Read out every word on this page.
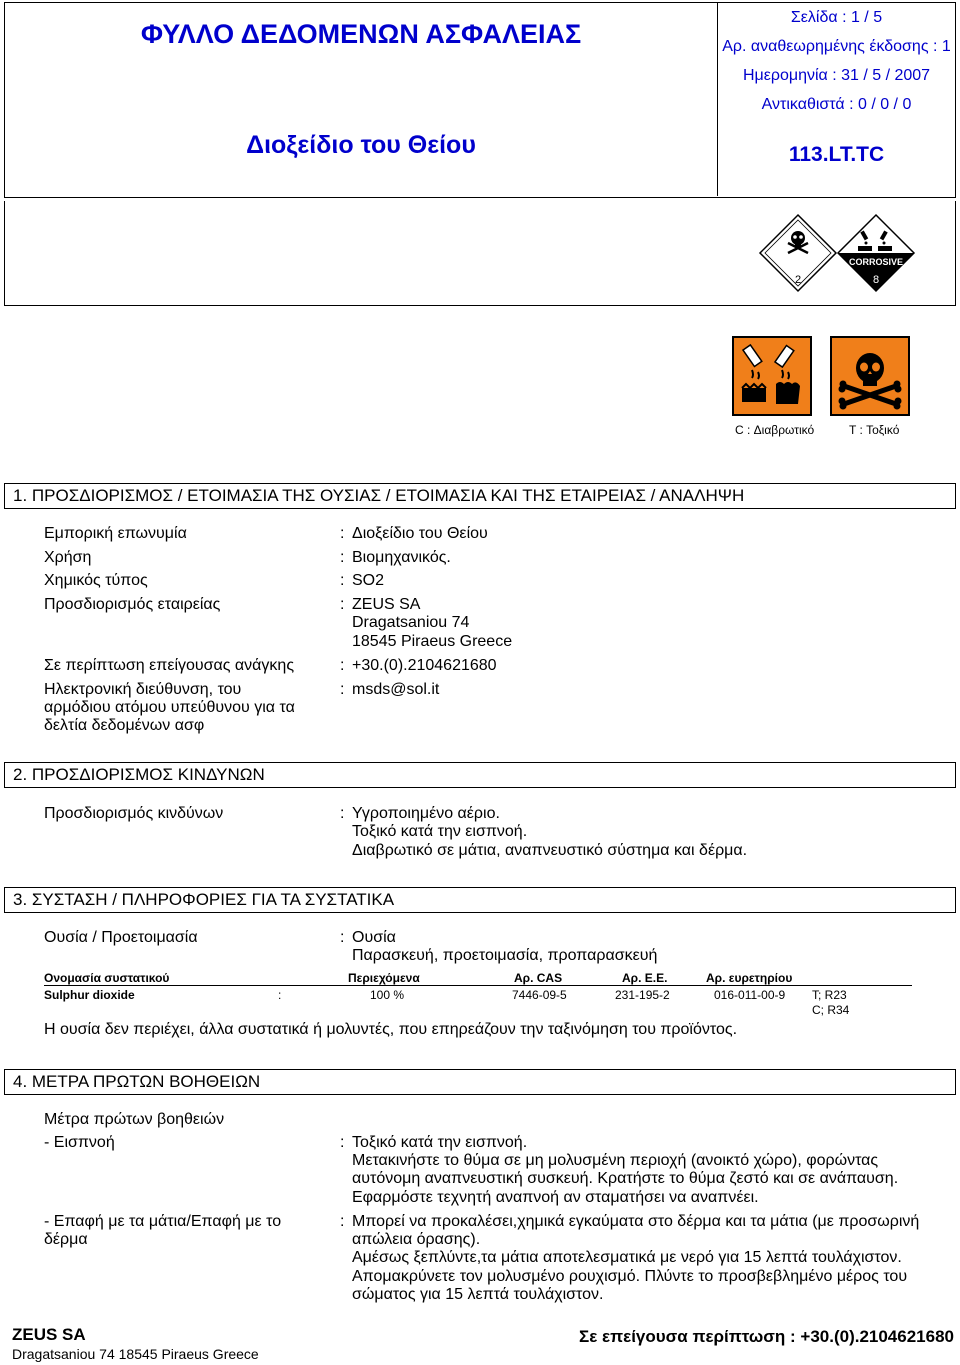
ΦΥΛΛΟ ΔΕΔΟΜΕΝΩΝ ΑΣΦΑΛΕΙΑΣ
Διοξείδιο του Θείου
Σελίδα : 1 / 5
Αρ. αναθεωρημένης έκδοσης : 1
Ημερομηνία : 31 / 5 / 2007
Αντικαθιστά : 0 / 0 / 0
113.LT.TC
2
CORROSIVE
8
C : Διαβρωτικό	T : Τοξικό
1. ΠΡΟΣΔΙΟΡΙΣΜΟΣ / ΕΤΟΙΜΑΣΙΑ ΤΗΣ ΟΥΣΙΑΣ / ΕΤΟΙΜΑΣΙΑ ΚΑΙ ΤΗΣ ΕΤΑΙΡΕΙΑΣ / ΑΝΑΛΗΨΗ
Εμπορική επωνυμία	: Διοξείδιο του Θείου
Χρήση	: Βιομηχανικός.
Χημικός τύπος	: SO2
Προσδιορισμός εταιρείας	: ZEUS SA
Dragatsaniou 74
18545 Piraeus Greece
Σε περίπτωση επείγουσας ανάγκης	: +30.(0).2104621680
Ηλεκτρονική διεύθυνση, του
αρμόδιου ατόμου υπεύθυνου για τα
δελτία δεδομένων ασφ
: msds@sol.it
2. ΠΡΟΣΔΙΟΡΙΣΜΟΣ ΚΙΝΔΥΝΩΝ
Προσδιορισμός κινδύνων	: Υγροποιημένο αέριο.
Τοξικό κατά την εισπνοή.
Διαβρωτικό σε μάτια, αναπνευστικό σύστημα και δέρμα.
3. ΣΥΣΤΑΣΗ / ΠΛΗΡΟΦΟΡΙΕΣ ΓΙΑ ΤΑ ΣΥΣΤΑΤΙΚΑ
Ουσία / Προετοιμασία	: Ουσία
Παρασκευή, προετοιμασία, προπαρασκευή
Ονομασία συστατικού	Περιεχόμενα	Αρ. CAS	Αρ. E.E.	Αρ. ευρετηρίου
Sulphur dioxide	:	100 %	7446-09-5	231-195-2	016-011-00-9 T; R23
C; R34
Η ουσία δεν περιέχει, άλλα συστατικά ή μολυντές, που επηρεάζουν την ταξινόμηση του προϊόντος.
4. ΜΕΤΡΑ ΠΡΩΤΩΝ ΒΟΗΘΕΙΩΝ
Μέτρα πρώτων βοηθειών
- Εισπνοή	: Τοξικό κατά την εισπνοή.
Μετακινήστε το θύμα σε μη μολυσμένη περιοχή (ανοικτό χώρο), φορώντας
αυτόνομη αναπνευστική συσκευή. Κρατήστε το θύμα ζεστό και σε ανάπαυση.
Εφαρμόστε τεχνητή αναπνοή αν σταματήσει να αναπνέει.
- Επαφή με τα μάτια/Επαφή με το
δέρμα
: Μπορεί να προκαλέσει,χημικά εγκαύματα στο δέρμα και τα μάτια (με προσωρινή
απώλεια όρασης).
Αμέσως ξεπλύντε,τα μάτια αποτελεσματικά με νερό για 15 λεπτά τουλάχιστον.
Απομακρύνετε τον μολυσμένο ρουχισμό. Πλύντε το προσβεβλημένο μέρος του
σώματος για 15 λεπτά τουλάχιστον.
ZEUS SA
Dragatsaniou 74 18545 Piraeus Greece
Σε επείγουσα περίπτωση : +30.(0).2104621680
